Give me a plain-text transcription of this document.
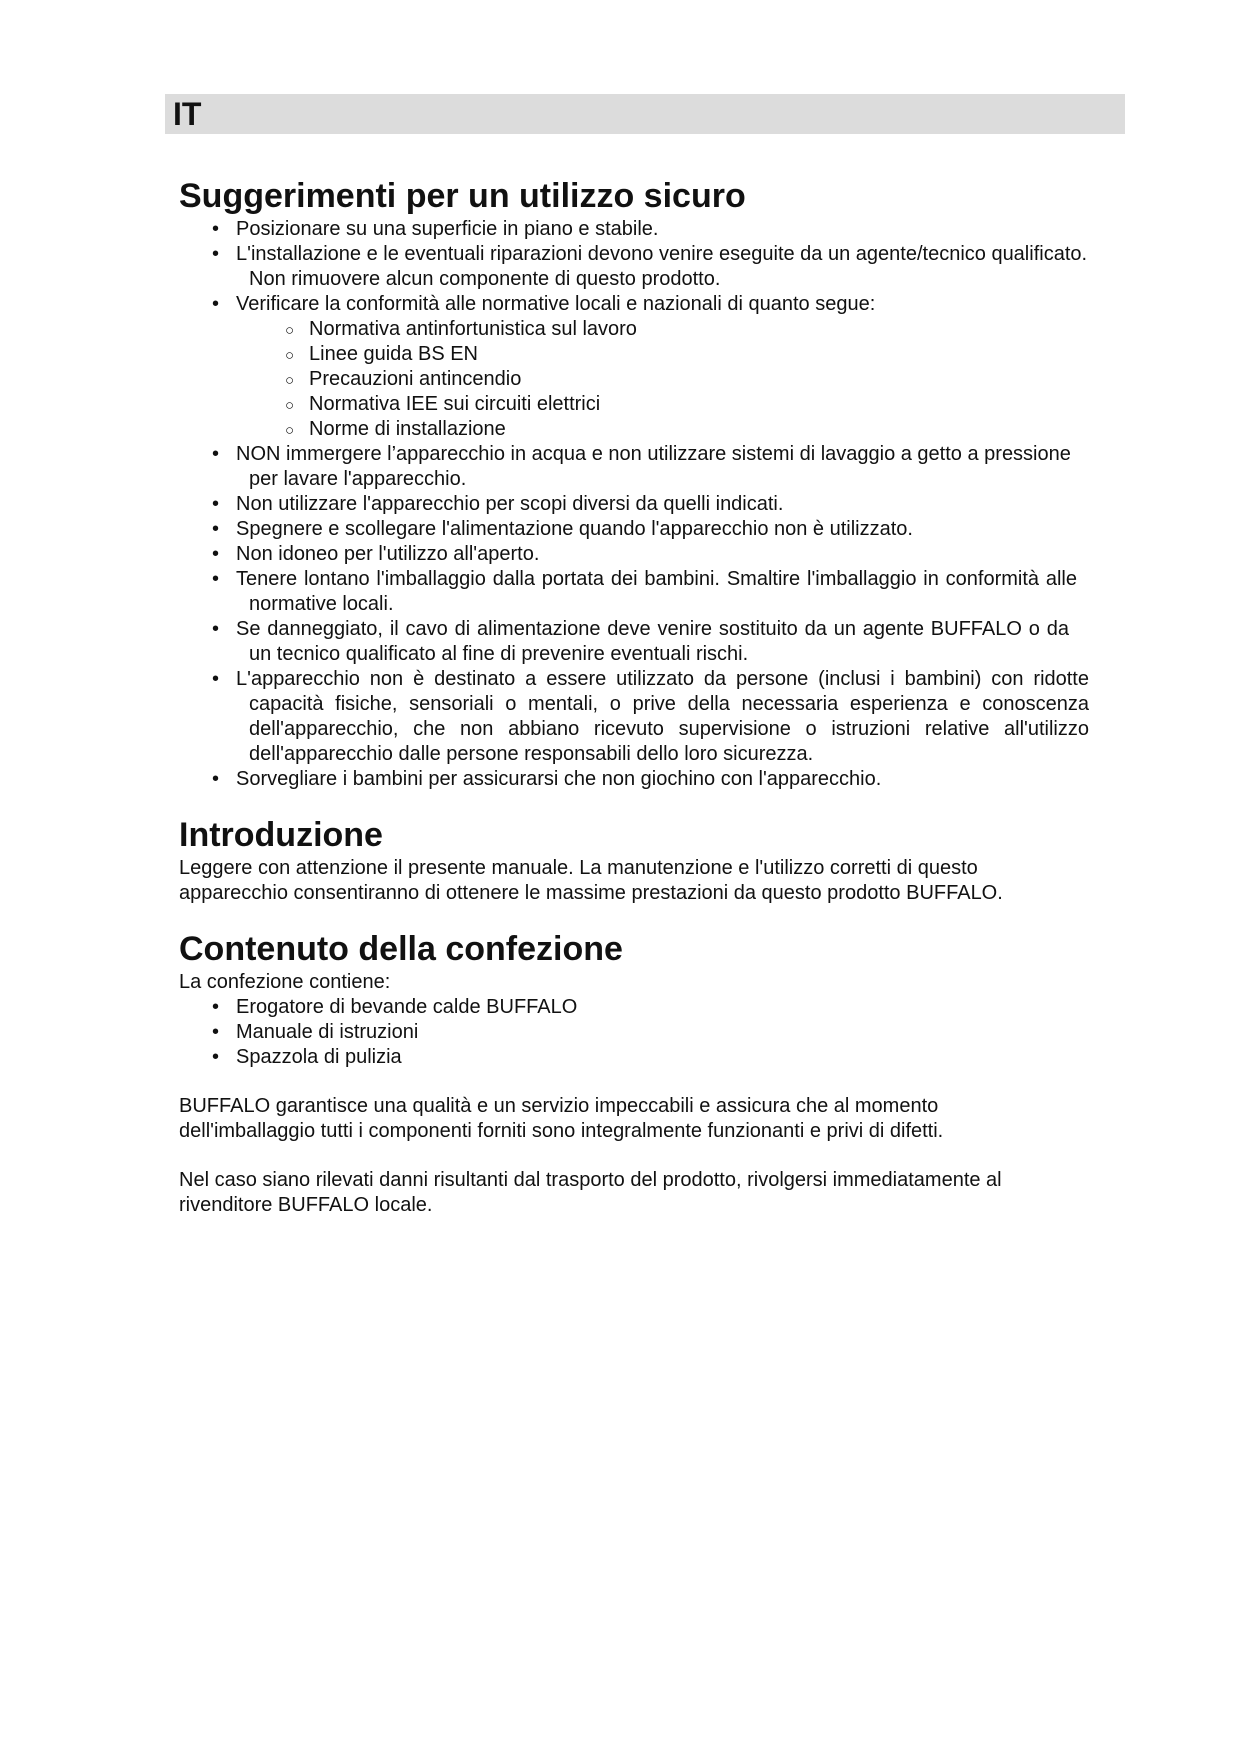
IT
Suggerimenti per un utilizzo sicuro
• Posizionare su una superficie in piano e stabile.
• L'installazione e le eventuali riparazioni devono venire eseguite da un agente/tecnico qualificato. Non rimuovere alcun componente di questo prodotto.
• Verificare la conformità alle normative locali e nazionali di quanto segue:
○ Normativa antinfortunistica sul lavoro
○ Linee guida BS EN
○ Precauzioni antincendio
○ Normativa IEE sui circuiti elettrici
○ Norme di installazione
• NON immergere l’apparecchio in acqua e non utilizzare sistemi di lavaggio a getto a pressione per lavare l'apparecchio.
• Non utilizzare l'apparecchio per scopi diversi da quelli indicati.
• Spegnere e scollegare l'alimentazione quando l'apparecchio non è utilizzato.
• Non idoneo per l'utilizzo all'aperto.
• Tenere lontano l'imballaggio dalla portata dei bambini. Smaltire l'imballaggio in conformità alle normative locali.
• Se danneggiato, il cavo di alimentazione deve venire sostituito da un agente BUFFALO o da un tecnico qualificato al fine di prevenire eventuali rischi.
• L'apparecchio non è destinato a essere utilizzato da persone (inclusi i bambini) con ridotte capacità fisiche, sensoriali o mentali, o prive della necessaria esperienza e conoscenza dell'apparecchio, che non abbiano ricevuto supervisione o istruzioni relative all'utilizzo dell'apparecchio dalle persone responsabili dello loro sicurezza.
• Sorvegliare i bambini per assicurarsi che non giochino con l'apparecchio.
Introduzione

Leggere con attenzione il presente manuale. La manutenzione e l'utilizzo corretti di questo apparecchio consentiranno di ottenere le massime prestazioni da questo prodotto BUFFALO.

Contenuto della confezione

La confezione contiene:

• Erogatore di bevande calde BUFFALO
• Manuale di istruzioni
• Spazzola di pulizia

BUFFALO garantisce una qualità e un servizio impeccabili e assicura che al momento dell'imballaggio tutti i componenti forniti sono integralmente funzionanti e privi di difetti.

Nel caso siano rilevati danni risultanti dal trasporto del prodotto, rivolgersi immediatamente al rivenditore BUFFALO locale.
